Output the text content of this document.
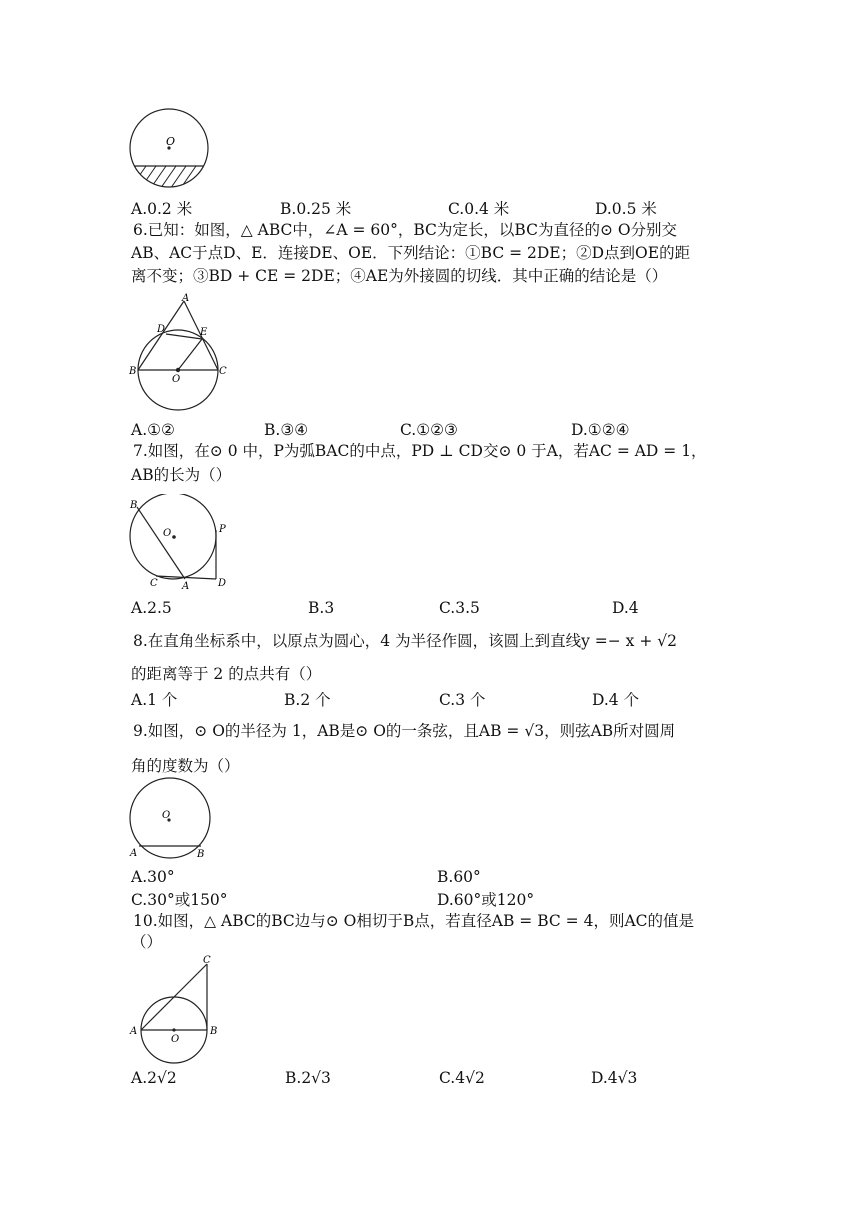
O
A.0.2 米	B.0.25 米	C.0.4 米	D.0.5 米
6.已知：如图，△ ABC中，∠A = 60°，BC为定长，以BC为直径的⊙ O分别交
AB、AC于点D、E．连接DE、OE．下列结论：①BC = 2DE；②D点到OE的距
离不变；③BD + CE = 2DE；④AE为外接圆的切线．其中正确的结论是（）
A
D	E
B	C
O
A.①②	B.③④	C.①②③	D.①②④
7.如图，在⊙ 0 中，P为弧BAC的中点，PD ⊥ CD交⊙ 0 于A，若AC = AD = 1，
AB的长为（）
B
O	P
C A	D
A.2.5	B.3	C.3.5	D.4
8.在直角坐标系中，以原点为圆心，4 为半径作圆，该圆上到直线y =− x + √2
的距离等于 2 的点共有（）
A.1 个	B.2 个	C.3 个	D.4 个
9.如图，⊙ O的半径为 1，AB是⊙ O的一条弦，且AB = √3，则弦AB所对圆周
角的度数为（）
O
A	B
A.30°	B.60°
C.30°或150°	D.60°或120°
10.如图，△ ABC的BC边与⊙ O相切于B点，若直径AB = BC = 4，则AC的值是
（）
C
A	B
O
A.2√2	B.2√3	C.4√2	D.4√3
